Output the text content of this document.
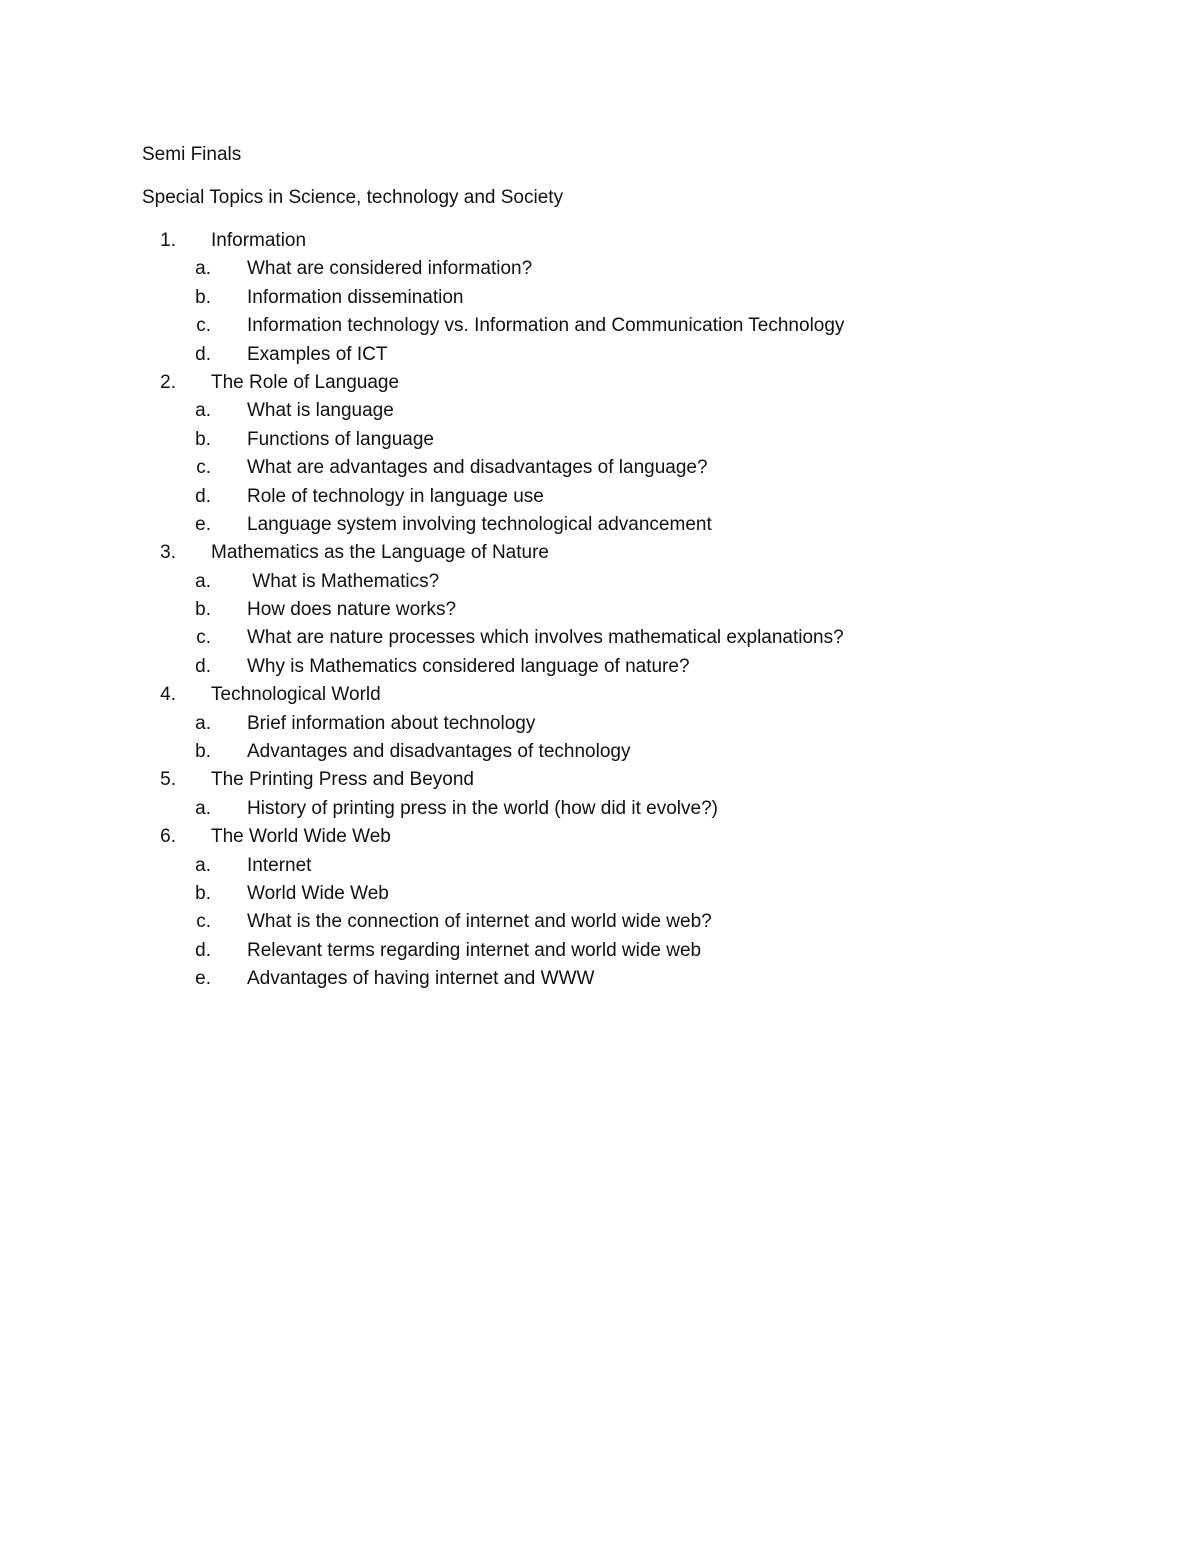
Semi Finals

Special Topics in Science, technology and Society

1.	Information
a.	What are considered information?
b.	Information dissemination
c.	Information technology vs. Information and Communication Technology
d.	Examples of ICT
2.	The Role of Language
a.	What is language
b.	Functions of language
c.	What are advantages and disadvantages of language?
d.	Role of technology in language use
e.	Language system involving technological advancement
3.	Mathematics as the Language of Nature
a.	What is Mathematics?
b.	How does nature works?
c.	What are nature processes which involves mathematical explanations?
d.	Why is Mathematics considered language of nature?
4.	Technological World
a.	Brief information about technology
b.	Advantages and disadvantages of technology
5.	The Printing Press and Beyond
a.	History of printing press in the world (how did it evolve?)
6.	The World Wide Web
a.	Internet
b.	World Wide Web
c.	What is the connection of internet and world wide web?
d.	Relevant terms regarding internet and world wide web
e.	Advantages of having internet and WWW
